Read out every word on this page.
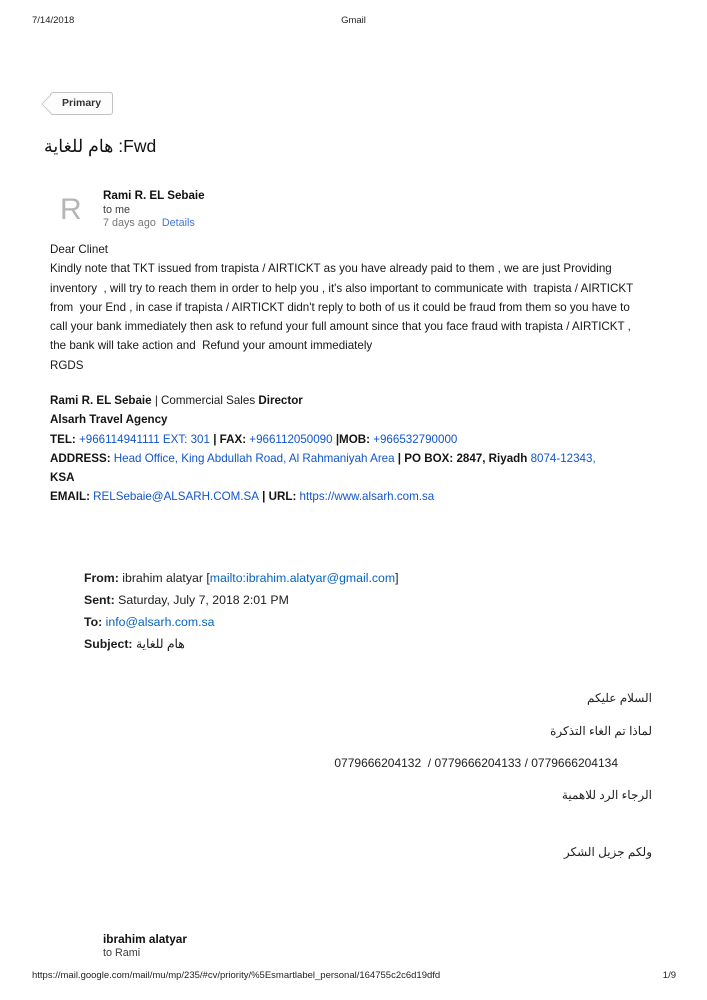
7/14/2018	Gmail
Primary
Fwd: هام للغاية
R Rami R. EL Sebaie
to me
7 days ago Details
Dear Clinet
Kindly note that TKT issued from trapista / AIRTICKT as you have already paid to them , we are just Providing
inventory  , will try to reach them in order to help you , it's also important to communicate with  trapista / AIRTICKT
from  your End , in case if trapista / AIRTICKT didn't reply to both of us it could be fraud from them so you have to
call your bank immediately then ask to refund your full amount since that you face fraud with trapista / AIRTICKT ,
the bank will take action and  Refund your amount immediately
RGDS
Rami R. EL Sebaie | Commercial Sales Director
Alsarh Travel Agency
TEL: +966114941111 EXT: 301 | FAX: +966112050090 |MOB: +966532790000
ADDRESS: Head Office, King Abdullah Road, Al Rahmaniyah Area | PO BOX: 2847, Riyadh 8074-12343,
KSA
EMAIL: RELSebaie@ALSARH.COM.SA | URL: https://www.alsarh.com.sa
From: ibrahim alatyar [mailto:ibrahim.alatyar@gmail.com]
Sent: Saturday, July 7, 2018 2:01 PM
To: info@alsarh.com.sa
Subject: هام للغاية
السلام عليكم
لماذا تم الغاء التذكرة
0779666204132  / 0779666204133 / 0779666204134
الرجاء الرد للاهمية
ولكم جزيل الشكر
ibrahim alatyar
to Rami
https://mail.google.com/mail/mu/mp/235/#cv/priority/%5Esmartlabel_personal/164755c2c6d19dfd	1/9
